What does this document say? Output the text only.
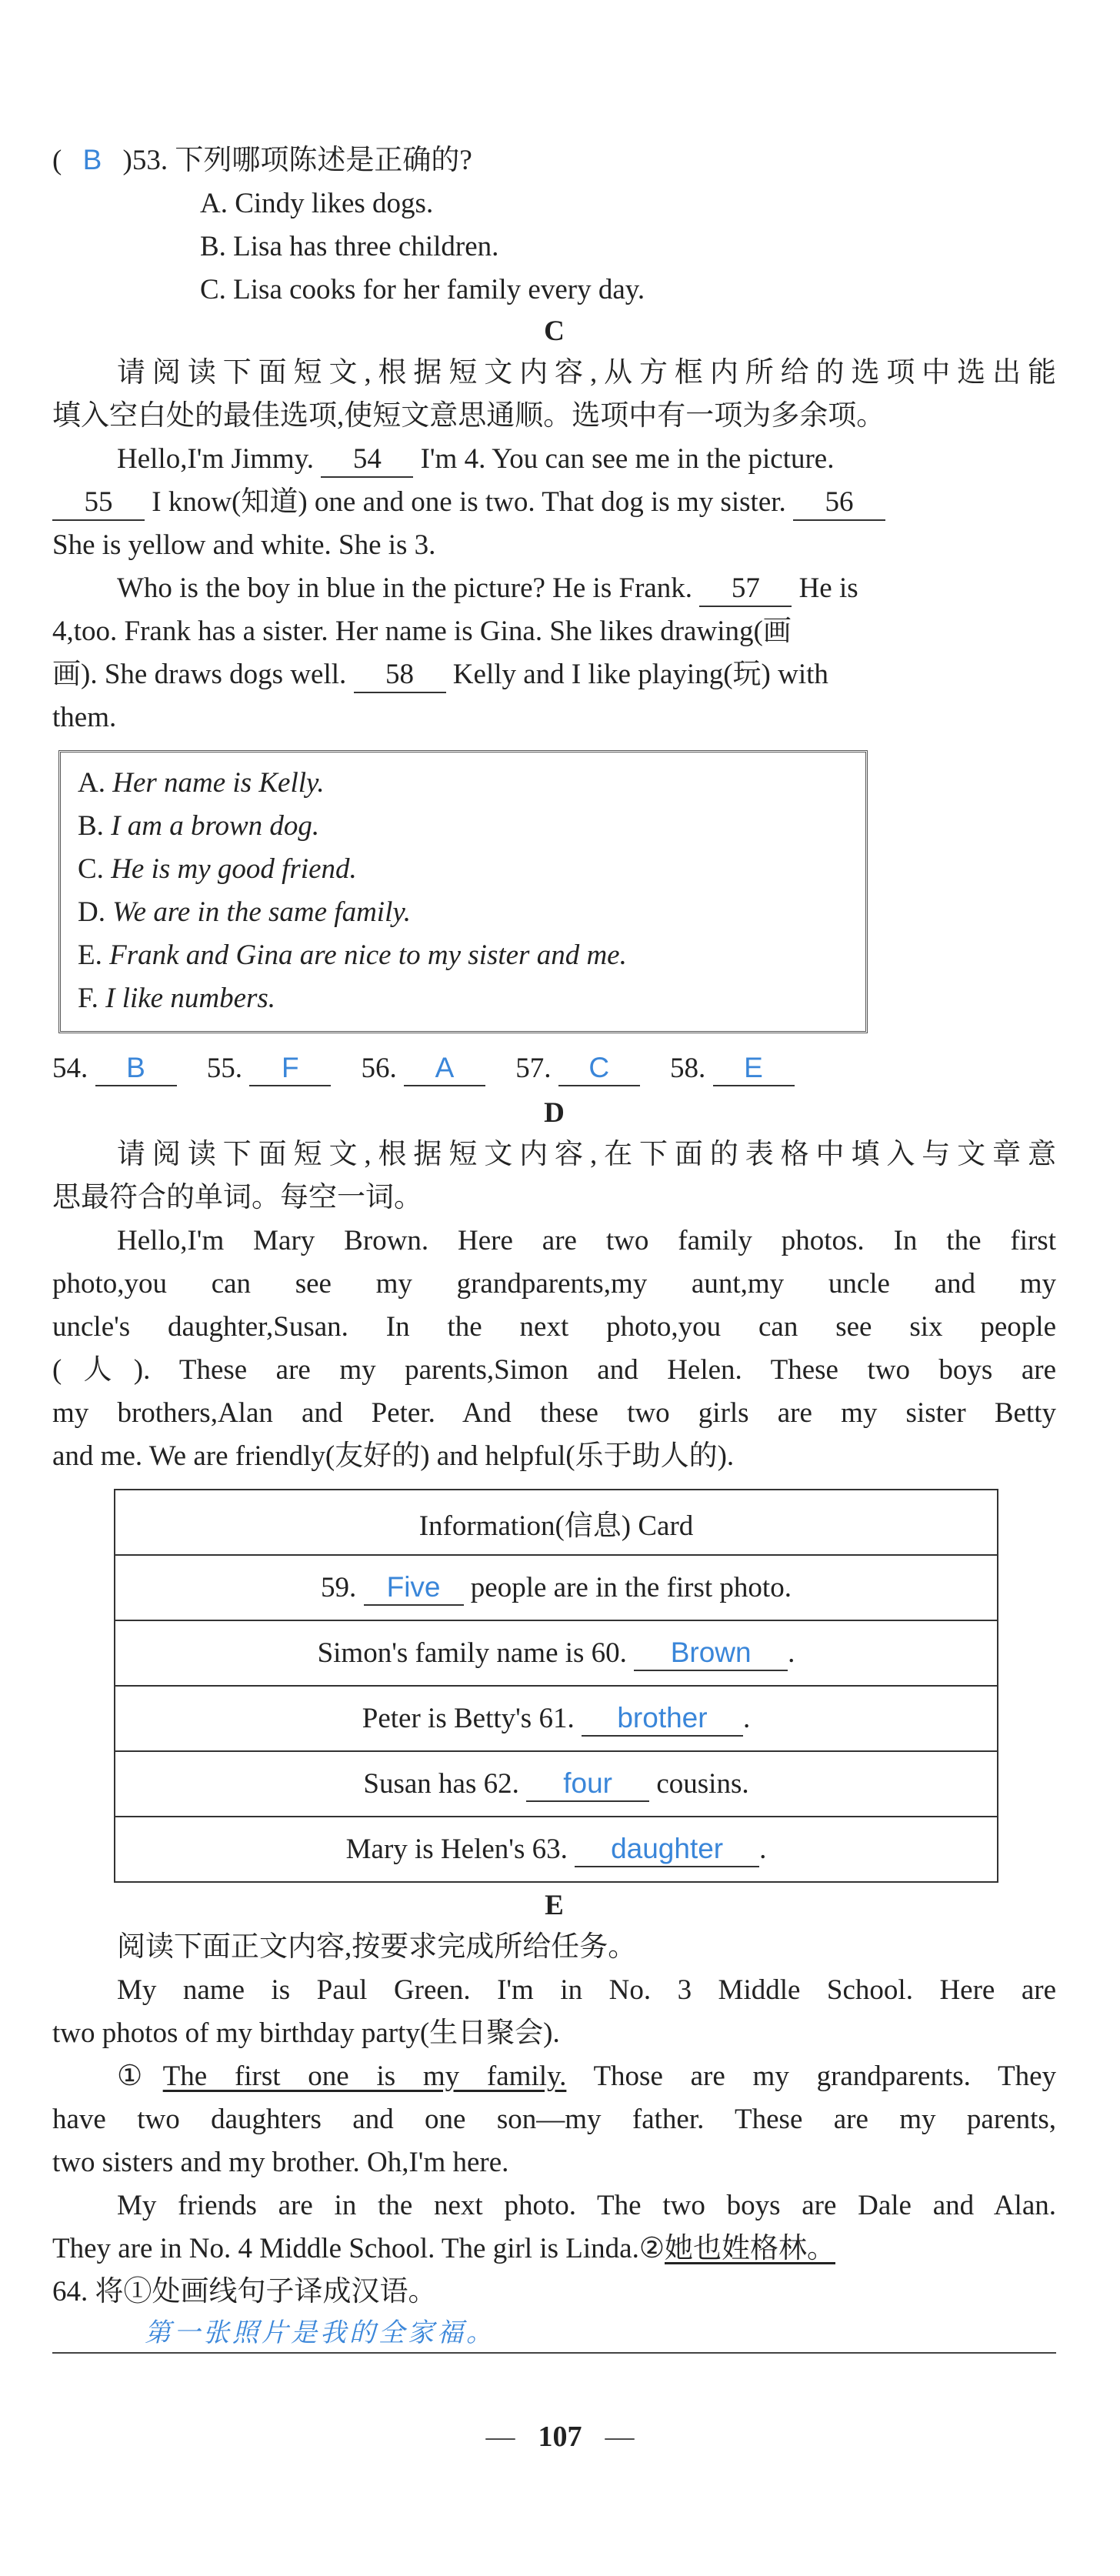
( B )53. 下列哪项陈述是正确的?
A. Cindy likes dogs.
B. Lisa has three children.
C. Lisa cooks for her family every day.
C
请阅读下面短文,根据短文内容,从方框内所给的选项中选出能
填入空白处的最佳选项,使短文意思通顺。选项中有一项为多余项。
Hello,I'm Jimmy. 54 I'm 4. You can see me in the picture.
55 I know(知道) one and one is two. That dog is my sister. 56
She is yellow and white. She is 3.
Who is the boy in blue in the picture? He is Frank. 57 He is
4,too. Frank has a sister. Her name is Gina. She likes drawing(画
画). She draws dogs well. 58 Kelly and I like playing(玩) with
them.
A. Her name is Kelly.
B. I am a brown dog.
C. He is my good friend.
D. We are in the same family.
E. Frank and Gina are nice to my sister and me.
F. I like numbers.
54. B 55. F 56. A 57. C 58. E
D
请阅读下面短文,根据短文内容,在下面的表格中填入与文章意
思最符合的单词。每空一词。
Hello,I'm Mary Brown. Here are two family photos. In the first
photo,you can see my grandparents,my aunt,my uncle and my
uncle's daughter,Susan. In the next photo,you can see six people
(人). These are my parents,Simon and Helen. These two boys are
my brothers,Alan and Peter. And these two girls are my sister Betty
and me. We are friendly(友好的) and helpful(乐于助人的).
Information(信息) Card
59. Five people are in the first photo.
Simon's family name is 60. Brown .
Peter is Betty's 61. brother .
Susan has 62. four cousins.
Mary is Helen's 63. daughter .
E
阅读下面正文内容,按要求完成所给任务。
My name is Paul Green. I'm in No. 3 Middle School. Here are
two photos of my birthday party(生日聚会).
①The first one is my family. Those are my grandparents. They
have two daughters and one son—my father. These are my parents,
two sisters and my brother. Oh,I'm here.
My friends are in the next photo. The two boys are Dale and Alan.
They are in No. 4 Middle School. The girl is Linda.②她也姓格林。
64. 将①处画线句子译成汉语。
第一张照片是我的全家福。
— 107 —
